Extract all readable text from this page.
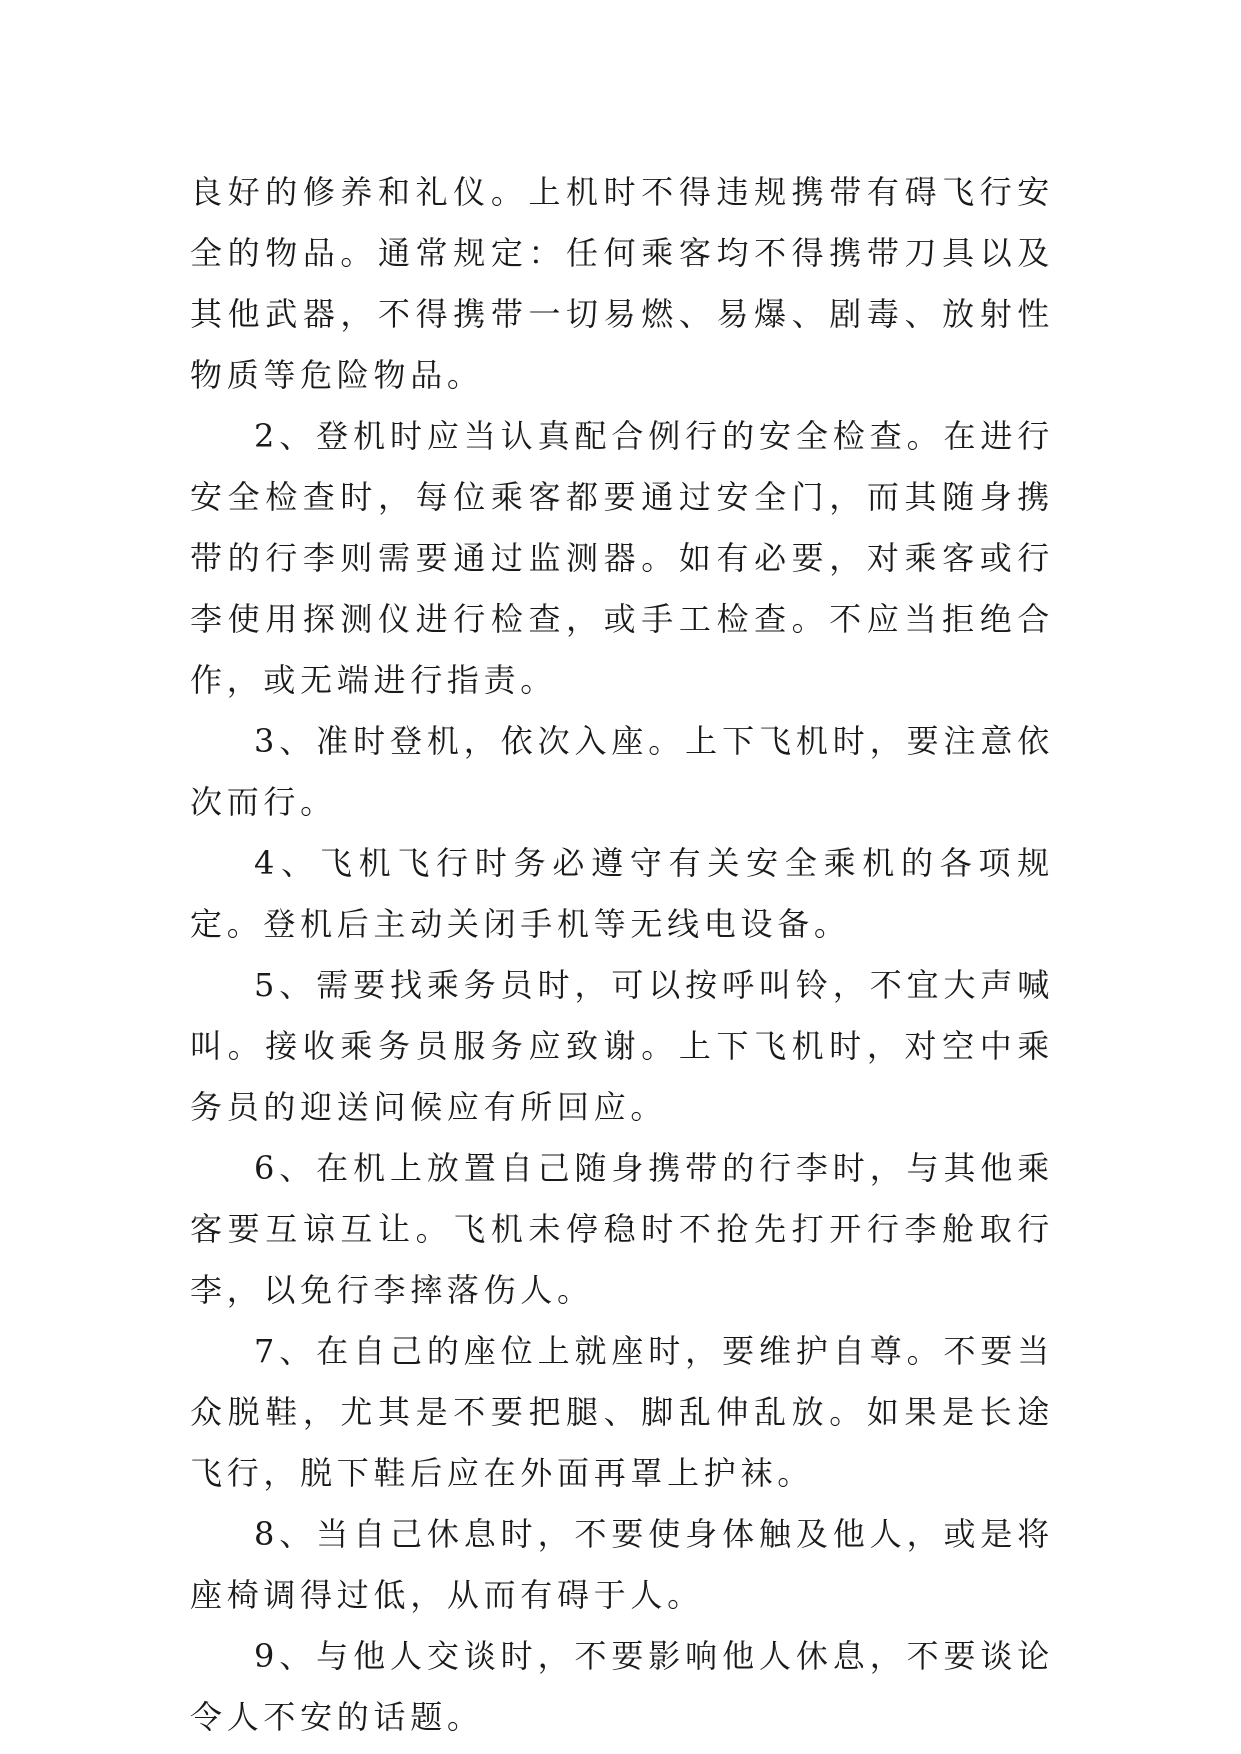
良好的修养和礼仪。上机时不得违规携带有碍飞行安全的物品。通常规定：任何乘客均不得携带刀具以及其他武器，不得携带一切易燃、易爆、剧毒、放射性物质等危险物品。

2、登机时应当认真配合例行的安全检查。在进行安全检查时，每位乘客都要通过安全门，而其随身携带的行李则需要通过监测器。如有必要，对乘客或行李使用探测仪进行检查，或手工检查。不应当拒绝合作，或无端进行指责。

3、准时登机，依次入座。上下飞机时，要注意依次而行。

4、飞机飞行时务必遵守有关安全乘机的各项规定。登机后主动关闭手机等无线电设备。

5、需要找乘务员时，可以按呼叫铃，不宜大声喊叫。接收乘务员服务应致谢。上下飞机时，对空中乘务员的迎送问候应有所回应。

6、在机上放置自己随身携带的行李时，与其他乘客要互谅互让。飞机未停稳时不抢先打开行李舱取行李，以免行李摔落伤人。

7、在自己的座位上就座时，要维护自尊。不要当众脱鞋，尤其是不要把腿、脚乱伸乱放。如果是长途飞行，脱下鞋后应在外面再罩上护袜。

8、当自己休息时，不要使身体触及他人，或是将座椅调得过低，从而有碍于人。

9、与他人交谈时，不要影响他人休息，不要谈论令人不安的话题。
